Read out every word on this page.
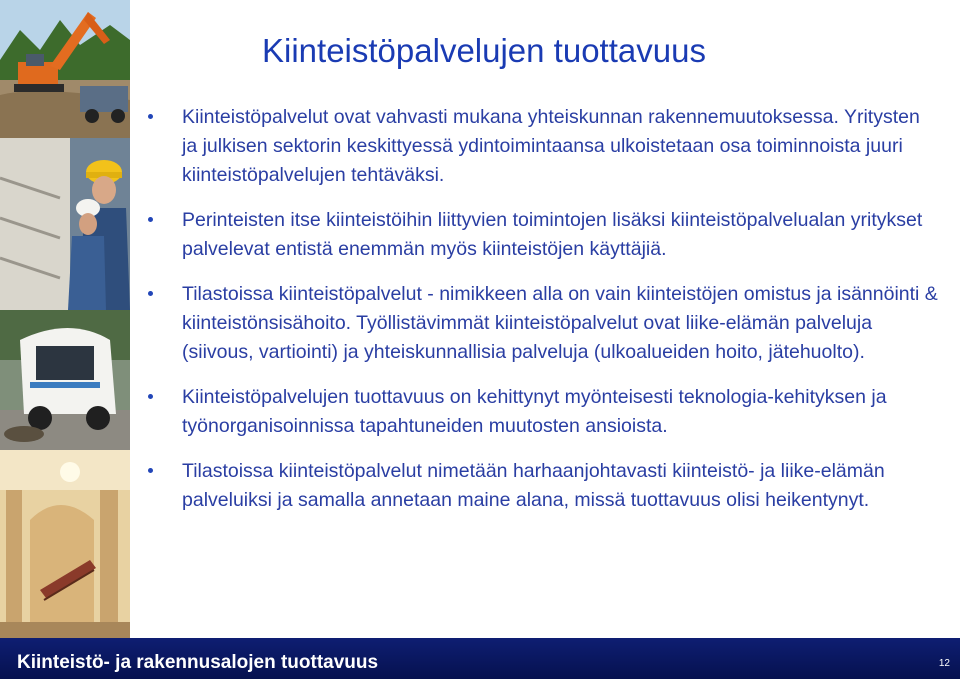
Kiinteistöpalvelujen tuottavuus
Kiinteistöpalvelut ovat vahvasti mukana yhteiskunnan rakennemuutoksessa. Yritysten ja julkisen sektorin keskittyessä ydintoimintaansa ulkoistetaan osa toiminnoista juuri kiinteistöpalvelujen tehtäväksi.
Perinteisten itse kiinteistöihin liittyvien toimintojen lisäksi kiinteistöpalvelualan yritykset palvelevat entistä enemmän myös kiinteistöjen käyttäjiä.
Tilastoissa kiinteistöpalvelut - nimikkeen alla on vain kiinteistöjen omistus ja isännöinti & kiinteistönsisähoito. Työllistävimmät kiinteistöpalvelut ovat liike-elämän palveluja (siivous, vartiointi) ja yhteiskunnallisia palveluja (ulkoalueiden hoito, jätehuolto).
Kiinteistöpalvelujen tuottavuus on kehittynyt myönteisesti teknologia-kehityksen ja työnorganisoinnissa tapahtuneiden muutosten ansioista.
Tilastoissa kiinteistöpalvelut nimetään harhaanjohtavasti kiinteistö- ja liike-elämän palveluiksi ja samalla annetaan maine alana, missä tuottavuus olisi heikentynyt.
Kiinteistö- ja rakennusalojen tuottavuus	12
